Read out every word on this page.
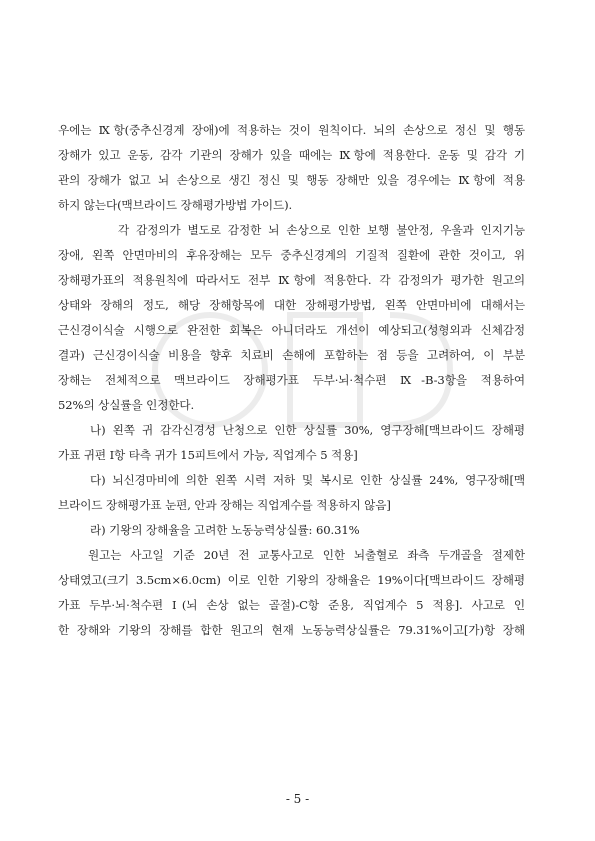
우에는 Ⅸ항(중추신경계 장애)에 적용하는 것이 원칙이다. 뇌의 손상으로 정신 및 행동

장해가 있고 운동, 감각 기관의 장해가 있을 때에는 Ⅸ항에 적용한다. 운동 및 감각 기

관의 장해가 없고 뇌 손상으로 생긴 정신 및 행동 장해만 있을 경우에는 Ⅸ항에 적용

하지 않는다(맥브라이드 장해평가방법 가이드).

각 감정의가 별도로 감정한 뇌 손상으로 인한 보행 불안정, 우울과 인지기능

장애, 왼쪽 안면마비의 후유장해는 모두 중추신경계의 기질적 질환에 관한 것이고, 위

장해평가표의 적용원칙에 따라서도 전부 Ⅸ항에 적용한다. 각 감정의가 평가한 원고의

상태와 장해의 정도, 해당 장해항목에 대한 장해평가방법, 왼쪽 안면마비에 대해서는

근신경이식술 시행으로 완전한 회복은 아니더라도 개선이 예상되고(성형외과 신체감정

결과) 근신경이식술 비용을 향후 치료비 손해에 포함하는 점 등을 고려하여, 이 부분

장해는 전체적으로 맥브라이드 장해평가표 두부·뇌·척수편 Ⅸ-B-3항을 적용하여

52%의 상실률을 인정한다.

나) 왼쪽 귀 감각신경성 난청으로 인한 상실률 30%, 영구장해[맥브라이드 장해평

가표 귀편 Ⅰ항 타측 귀가 15피트에서 가능, 직업계수 5 적용]

다) 뇌신경마비에 의한 왼쪽 시력 저하 및 복시로 인한 상실률 24%, 영구장해[맥

브라이드 장해평가표 눈편, 안과 장해는 직업계수를 적용하지 않음]

라) 기왕의 장해율을 고려한 노동능력상실률: 60.31%

원고는 사고일 기준 20년 전 교통사고로 인한 뇌출혈로 좌측 두개골을 절제한

상태였고(크기 3.5cm×6.0cm) 이로 인한 기왕의 장해율은 19%이다[맥브라이드 장해평

가표 두부·뇌·척수편 Ⅰ(뇌 손상 없는 골절)-C항 준용, 직업계수 5 적용]. 사고로 인

한 장해와 기왕의 장해를 합한 원고의 현재 노동능력상실률은 79.31%이고[가)항 장해

- 5 -
